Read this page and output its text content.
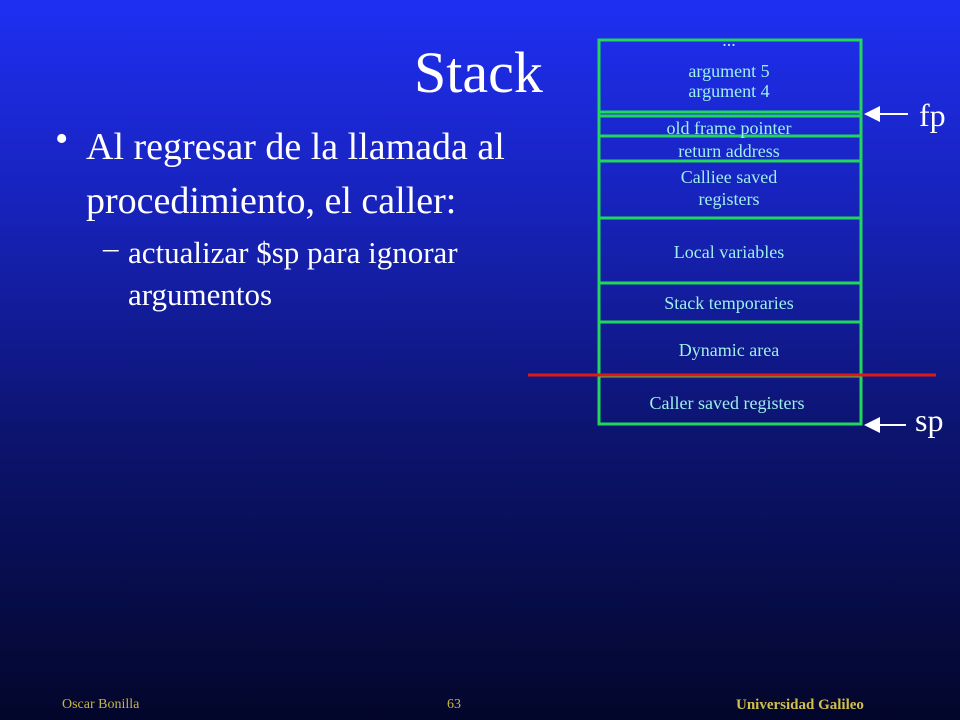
Stack
• Al regresar de la llamada al procedimiento, el caller:
– actualizar $sp para ignorar argumentos
...
argument 5
argument 4
old frame pointer
return address
Calliee saved
registers
Local variables
Stack temporaries
Dynamic area
Caller saved registers
fp
sp
Oscar Bonilla	63	Universidad Galileo
